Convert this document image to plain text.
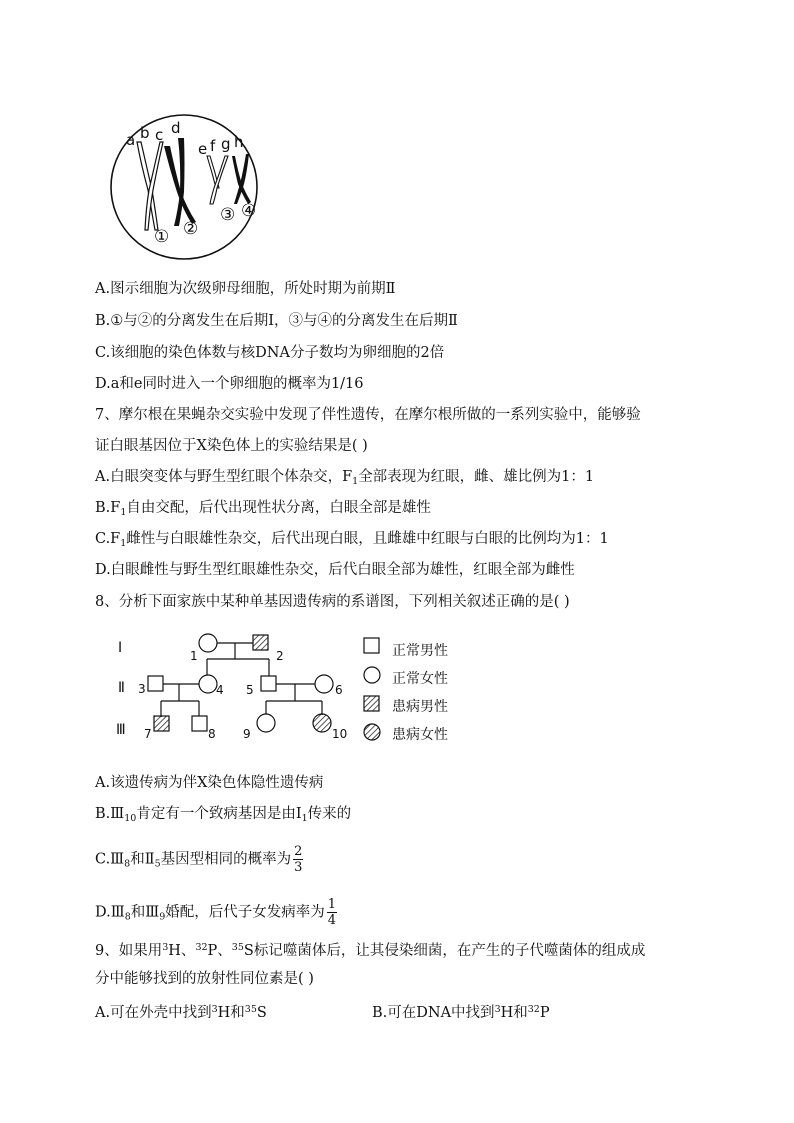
a b c d
e f g h
① ②
③ ④
A.图示细胞为次级卵母细胞，所处时期为前期Ⅱ
B.①与②的分离发生在后期Ⅰ，③与④的分离发生在后期Ⅱ
C.该细胞的染色体数与核DNA分子数均为卵细胞的2倍
D.a和e同时进入一个卵细胞的概率为1/16
7、摩尔根在果蝇杂交实验中发现了伴性遗传，在摩尔根所做的一系列实验中，能够验
证白眼基因位于X染色体上的实验结果是( )
A.白眼突变体与野生型红眼个体杂交，$F_1$全部表现为红眼，雌、雄比例为1：1
$B.F_1$自由交配，后代出现性状分离，白眼全部是雄性
$C.F_1$雌性与白眼雄性杂交，后代出现白眼，且雌雄中红眼与白眼的比例均为1：1
D.白眼雌性与野生型红眼雄性杂交，后代白眼全部为雄性，红眼全部为雌性
8、分析下面家族中某种单基因遗传病的系谱图，下列相关叙述正确的是( )
Ⅰ
Ⅱ
Ⅲ
1	2
3	4 5	6
7	8 9	10
正常男性
正常女性
患病男性
患病女性
A.该遗传病为伴X染色体隐性遗传病
$B.Ⅲ_{10}$肯定有一个致病基因是由$Ⅰ_1$传来的
$C.Ⅲ_8$和$Ⅱ_5$基因型相同的概率为 $\frac{2}{3}$
$D.Ⅲ_8$和$Ⅲ_9$婚配，后代子女发病率为 $\frac{1}{4}$
9、如果用$^3$H、$^{32}$P、$^{35}$S标记噬菌体后，让其侵染细菌，在产生的子代噬菌体的组成成
分中能够找到的放射性同位素是( )
A.可在外壳中找到$^3$H和$^{35}$S	B.可在DNA中找到$^3$H和$^{32}$P
